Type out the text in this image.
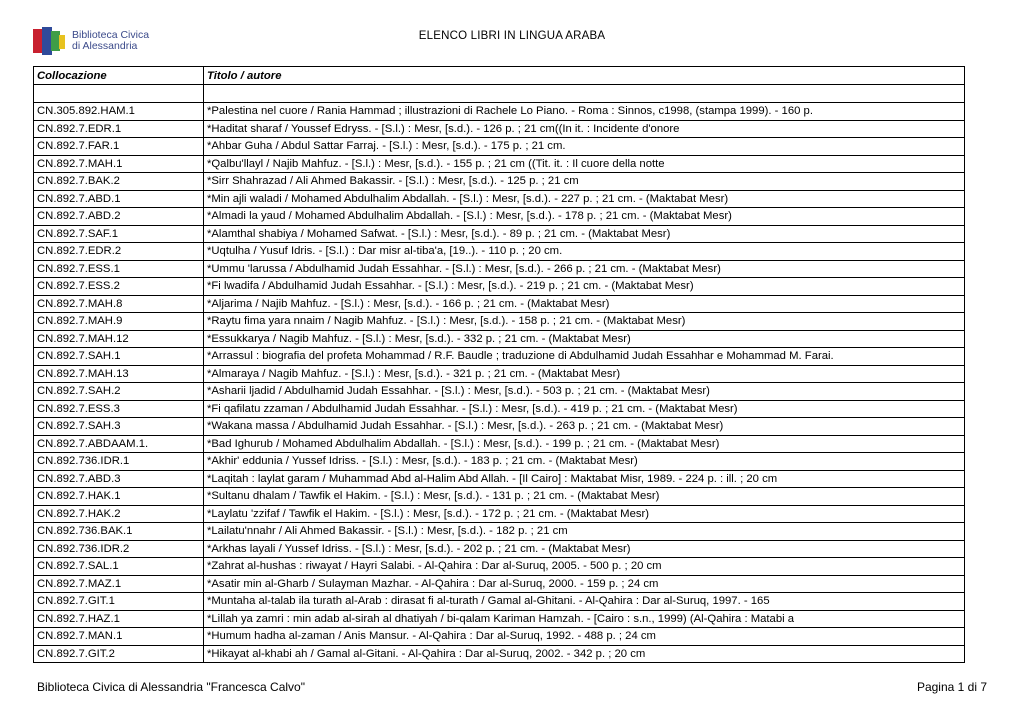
Biblioteca Civica
di Alessandria
ELENCO LIBRI IN LINGUA ARABA
Collocazione	Titolo / autore

CN.305.892.HAM.1	*Palestina nel cuore / Rania Hammad ; illustrazioni di Rachele Lo Piano. - Roma : Sinnos, c1998, (stampa 1999). - 160 p.
CN.892.7.EDR.1	*Haditat sharaf / Youssef Edryss. - [S.l.) : Mesr, [s.d.). - 126 p. ; 21 cm((In it. : Incidente d'onore
CN.892.7.FAR.1	*Ahbar Guha / Abdul Sattar Farraj. - [S.l.) : Mesr, [s.d.). - 175 p. ; 21 cm.
CN.892.7.MAH.1	*Qalbu'llayl / Najib Mahfuz. - [S.l.) : Mesr, [s.d.). - 155 p. ; 21 cm ((Tit. it. : Il cuore della notte
CN.892.7.BAK.2	*Sirr Shahrazad / Ali Ahmed Bakassir. - [S.l.) : Mesr, [s.d.). - 125 p. ; 21 cm
CN.892.7.ABD.1	*Min ajli waladi / Mohamed Abdulhalim Abdallah. - [S.l.) : Mesr, [s.d.). - 227 p. ; 21 cm. - (Maktabat Mesr)
CN.892.7.ABD.2	*Almadi la yaud / Mohamed Abdulhalim Abdallah. - [S.l.) : Mesr, [s.d.). - 178 p. ; 21 cm. - (Maktabat Mesr)
CN.892.7.SAF.1	*Alamthal shabiya / Mohamed Safwat. - [S.l.) : Mesr, [s.d.). - 89 p. ; 21 cm. - (Maktabat Mesr)
CN.892.7.EDR.2	*Uqtulha / Yusuf Idris. - [S.l.) : Dar misr al-tiba'a, [19..). - 110 p. ; 20 cm.
CN.892.7.ESS.1	*Ummu 'larussa / Abdulhamid Judah Essahhar. - [S.l.) : Mesr, [s.d.). - 266 p. ; 21 cm. - (Maktabat Mesr)
CN.892.7.ESS.2	*Fi lwadifa / Abdulhamid Judah Essahhar. - [S.l.) : Mesr, [s.d.). - 219 p. ; 21 cm. - (Maktabat Mesr)
CN.892.7.MAH.8	*Aljarima / Najib Mahfuz. - [S.l.) : Mesr, [s.d.). - 166 p. ; 21 cm. - (Maktabat Mesr)
CN.892.7.MAH.9	*Raytu fima yara nnaim / Nagib Mahfuz. - [S.l.) : Mesr, [s.d.). - 158 p. ; 21 cm. - (Maktabat Mesr)
CN.892.7.MAH.12	*Essukkarya / Nagib Mahfuz. - [S.l.) : Mesr, [s.d.). - 332 p. ; 21 cm. - (Maktabat Mesr)
CN.892.7.SAH.1	*Arrassul : biografia del profeta Mohammad / R.F. Baudle ; traduzione di Abdulhamid Judah Essahhar e Mohammad M. Farai.
CN.892.7.MAH.13	*Almaraya / Nagib Mahfuz. - [S.l.) : Mesr, [s.d.). - 321 p. ; 21 cm. - (Maktabat Mesr)
CN.892.7.SAH.2	*Asharii ljadid / Abdulhamid Judah Essahhar. - [S.l.) : Mesr, [s.d.). - 503 p. ; 21 cm. - (Maktabat Mesr)
CN.892.7.ESS.3	*Fi qafilatu zzaman / Abdulhamid Judah Essahhar. - [S.l.) : Mesr, [s.d.). - 419 p. ; 21 cm. - (Maktabat Mesr)
CN.892.7.SAH.3	*Wakana massa / Abdulhamid Judah Essahhar. - [S.l.) : Mesr, [s.d.). - 263 p. ; 21 cm. - (Maktabat Mesr)
CN.892.7.ABDAAM.1.	*Bad Ighurub / Mohamed Abdulhalim Abdallah. - [S.l.) : Mesr, [s.d.). - 199 p. ; 21 cm. - (Maktabat Mesr)
CN.892.736.IDR.1	*Akhir' eddunia / Yussef Idriss. - [S.l.) : Mesr, [s.d.). - 183 p. ; 21 cm. - (Maktabat Mesr)
CN.892.7.ABD.3	*Laqitah : laylat garam / Muhammad Abd al-Halim Abd Allah. - [Il Cairo] : Maktabat Misr, 1989. - 224 p. : ill. ; 20 cm
CN.892.7.HAK.1	*Sultanu dhalam / Tawfik el Hakim. - [S.l.) : Mesr, [s.d.). - 131 p. ; 21 cm. - (Maktabat Mesr)
CN.892.7.HAK.2	*Laylatu 'zzifaf / Tawfik el Hakim. - [S.l.) : Mesr, [s.d.). - 172 p. ; 21 cm. - (Maktabat Mesr)
CN.892.736.BAK.1	*Lailatu'nnahr / Ali Ahmed Bakassir. - [S.l.) : Mesr, [s.d.). - 182 p. ; 21 cm
CN.892.736.IDR.2	*Arkhas layali / Yussef Idriss. - [S.l.) : Mesr, [s.d.). - 202 p. ; 21 cm. - (Maktabat Mesr)
CN.892.7.SAL.1	*Zahrat al-hushas : riwayat / Hayri Salabi. - Al-Qahira : Dar al-Suruq, 2005. - 500 p. ; 20 cm
CN.892.7.MAZ.1	*Asatir min al-Gharb / Sulayman Mazhar. - Al-Qahira : Dar al-Suruq, 2000. - 159 p. ; 24 cm
CN.892.7.GIT.1	*Muntaha al-talab ila turath al-Arab : dirasat fi al-turath / Gamal al-Ghitani. - Al-Qahira : Dar al-Suruq, 1997. - 165
CN.892.7.HAZ.1	*Lillah ya zamri : min adab al-sirah al dhatiyah / bi-qalam Kariman Hamzah. - [Cairo : s.n., 1999) (Al-Qahira : Matabi a
CN.892.7.MAN.1	*Humum hadha al-zaman / Anis Mansur. - Al-Qahira : Dar al-Suruq, 1992. - 488 p. ; 24 cm
CN.892.7.GIT.2	*Hikayat al-khabi ah / Gamal al-Gitani. - Al-Qahira : Dar al-Suruq, 2002. - 342 p. ; 20 cm
Biblioteca Civica di Alessandria "Francesca Calvo"	Pagina 1 di 7
